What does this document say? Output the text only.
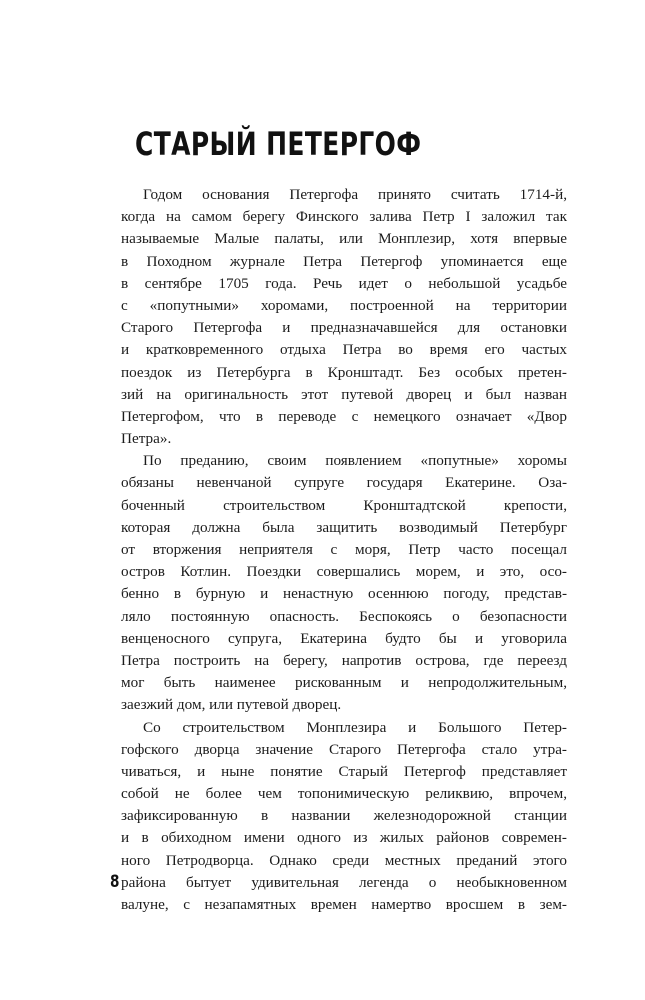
СТАРЫЙ ПЕТЕРГОФ
Годом основания Петергофа принято считать 1714-й,
когда на самом берегу Финского залива Петр I заложил так
называемые Малые палаты, или Монплезир, хотя впервые
в Походном журнале Петра Петергоф упоминается еще
в сентябре 1705 года. Речь идет о небольшой усадьбе
с «попутными» хоромами, построенной на территории
Старого Петергофа и предназначавшейся для остановки
и кратковременного отдыха Петра во время его частых
поездок из Петербурга в Кронштадт. Без особых претен-
зий на оригинальность этот путевой дворец и был назван
Петергофом, что в переводе с немецкого означает «Двор
Петра».
По преданию, своим появлением «попутные» хоромы
обязаны невенчаной супруге государя Екатерине. Оза-
боченный строительством Кронштадтской крепости,
которая должна была защитить возводимый Петербург
от вторжения неприятеля с моря, Петр часто посещал
остров Котлин. Поездки совершались морем, и это, осо-
бенно в бурную и ненастную осеннюю погоду, представ-
ляло постоянную опасность. Беспокоясь о безопасности
венценосного супруга, Екатерина будто бы и уговорила
Петра построить на берегу, напротив острова, где переезд
мог быть наименее рискованным и непродолжительным,
заезжий дом, или путевой дворец.
Со строительством Монплезира и Большого Петер-
гофского дворца значение Старого Петергофа стало утра-
чиваться, и ныне понятие Старый Петергоф представляет
собой не более чем топонимическую реликвию, впрочем,
зафиксированную в названии железнодорожной станции
и в обиходном имени одного из жилых районов современ-
ного Петродворца. Однако среди местных преданий этого
района бытует удивительная легенда о необыкновенном
валуне, с незапамятных времен намертво вросшем в зем-
8
